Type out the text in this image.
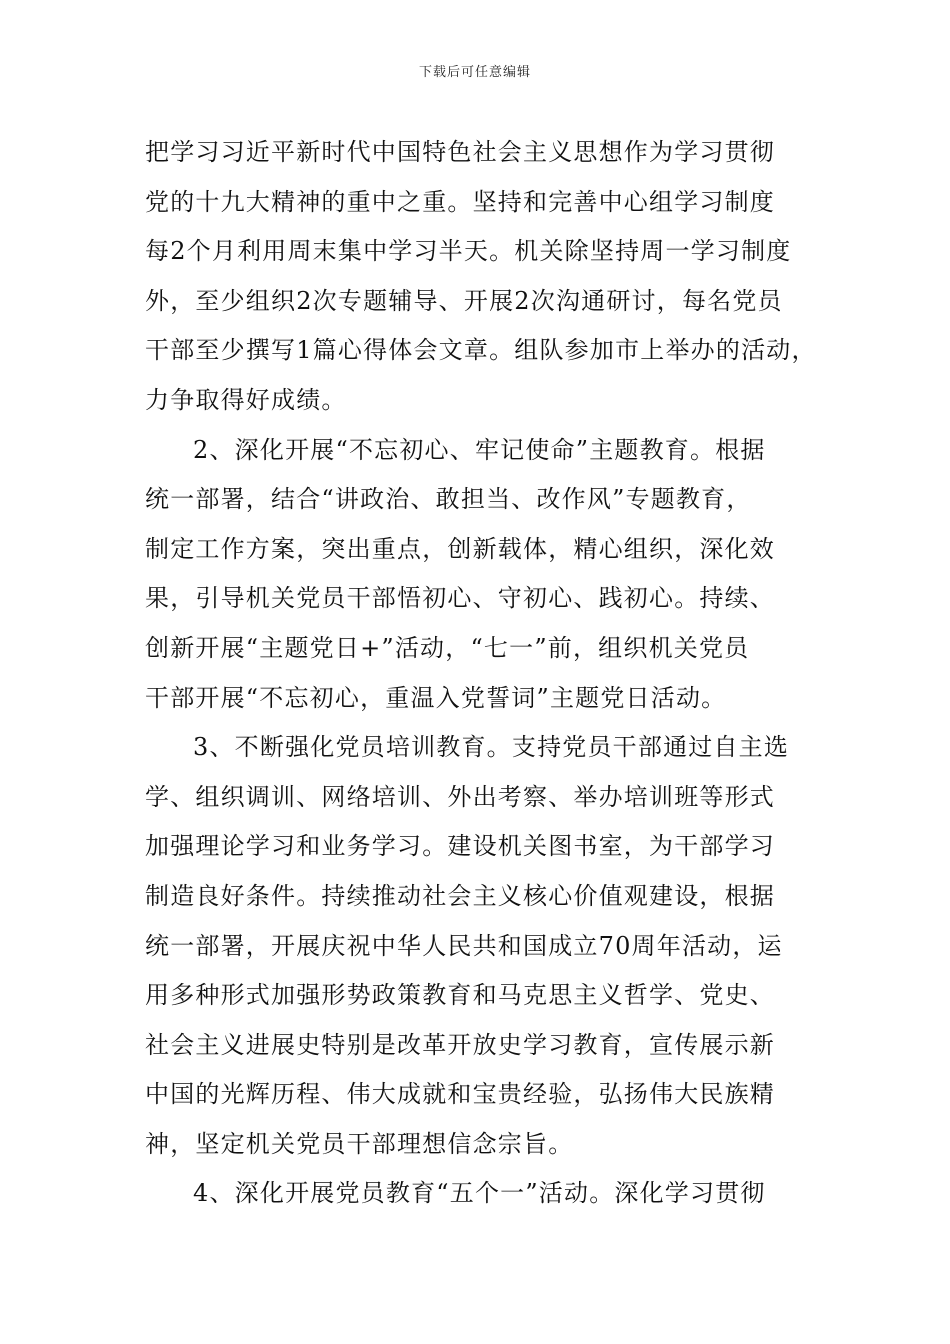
下载后可任意编辑
把学习习近平新时代中国特色社会主义思想作为学习贯彻
党的十九大精神的重中之重。坚持和完善中心组学习制度
每2个月利用周末集中学习半天。机关除坚持周一学习制度
外，至少组织2次专题辅导、开展2次沟通研讨，每名党员
干部至少撰写1篇心得体会文章。组队参加市上举办的活动，
力争取得好成绩。
2、深化开展“不忘初心、牢记使命”主题教育。根据
统一部署，结合“讲政治、敢担当、改作风”专题教育，
制定工作方案，突出重点，创新载体，精心组织，深化效
果，引导机关党员干部悟初心、守初心、践初心。持续、
创新开展“主题党日+”活动，“七一”前，组织机关党员
干部开展“不忘初心，重温入党誓词”主题党日活动。
3、不断强化党员培训教育。支持党员干部通过自主选
学、组织调训、网络培训、外出考察、举办培训班等形式
加强理论学习和业务学习。建设机关图书室，为干部学习
制造良好条件。持续推动社会主义核心价值观建设，根据
统一部署，开展庆祝中华人民共和国成立70周年活动，运
用多种形式加强形势政策教育和马克思主义哲学、党史、
社会主义进展史特别是改革开放史学习教育，宣传展示新
中国的光辉历程、伟大成就和宝贵经验，弘扬伟大民族精
神，坚定机关党员干部理想信念宗旨。
4、深化开展党员教育“五个一”活动。深化学习贯彻
